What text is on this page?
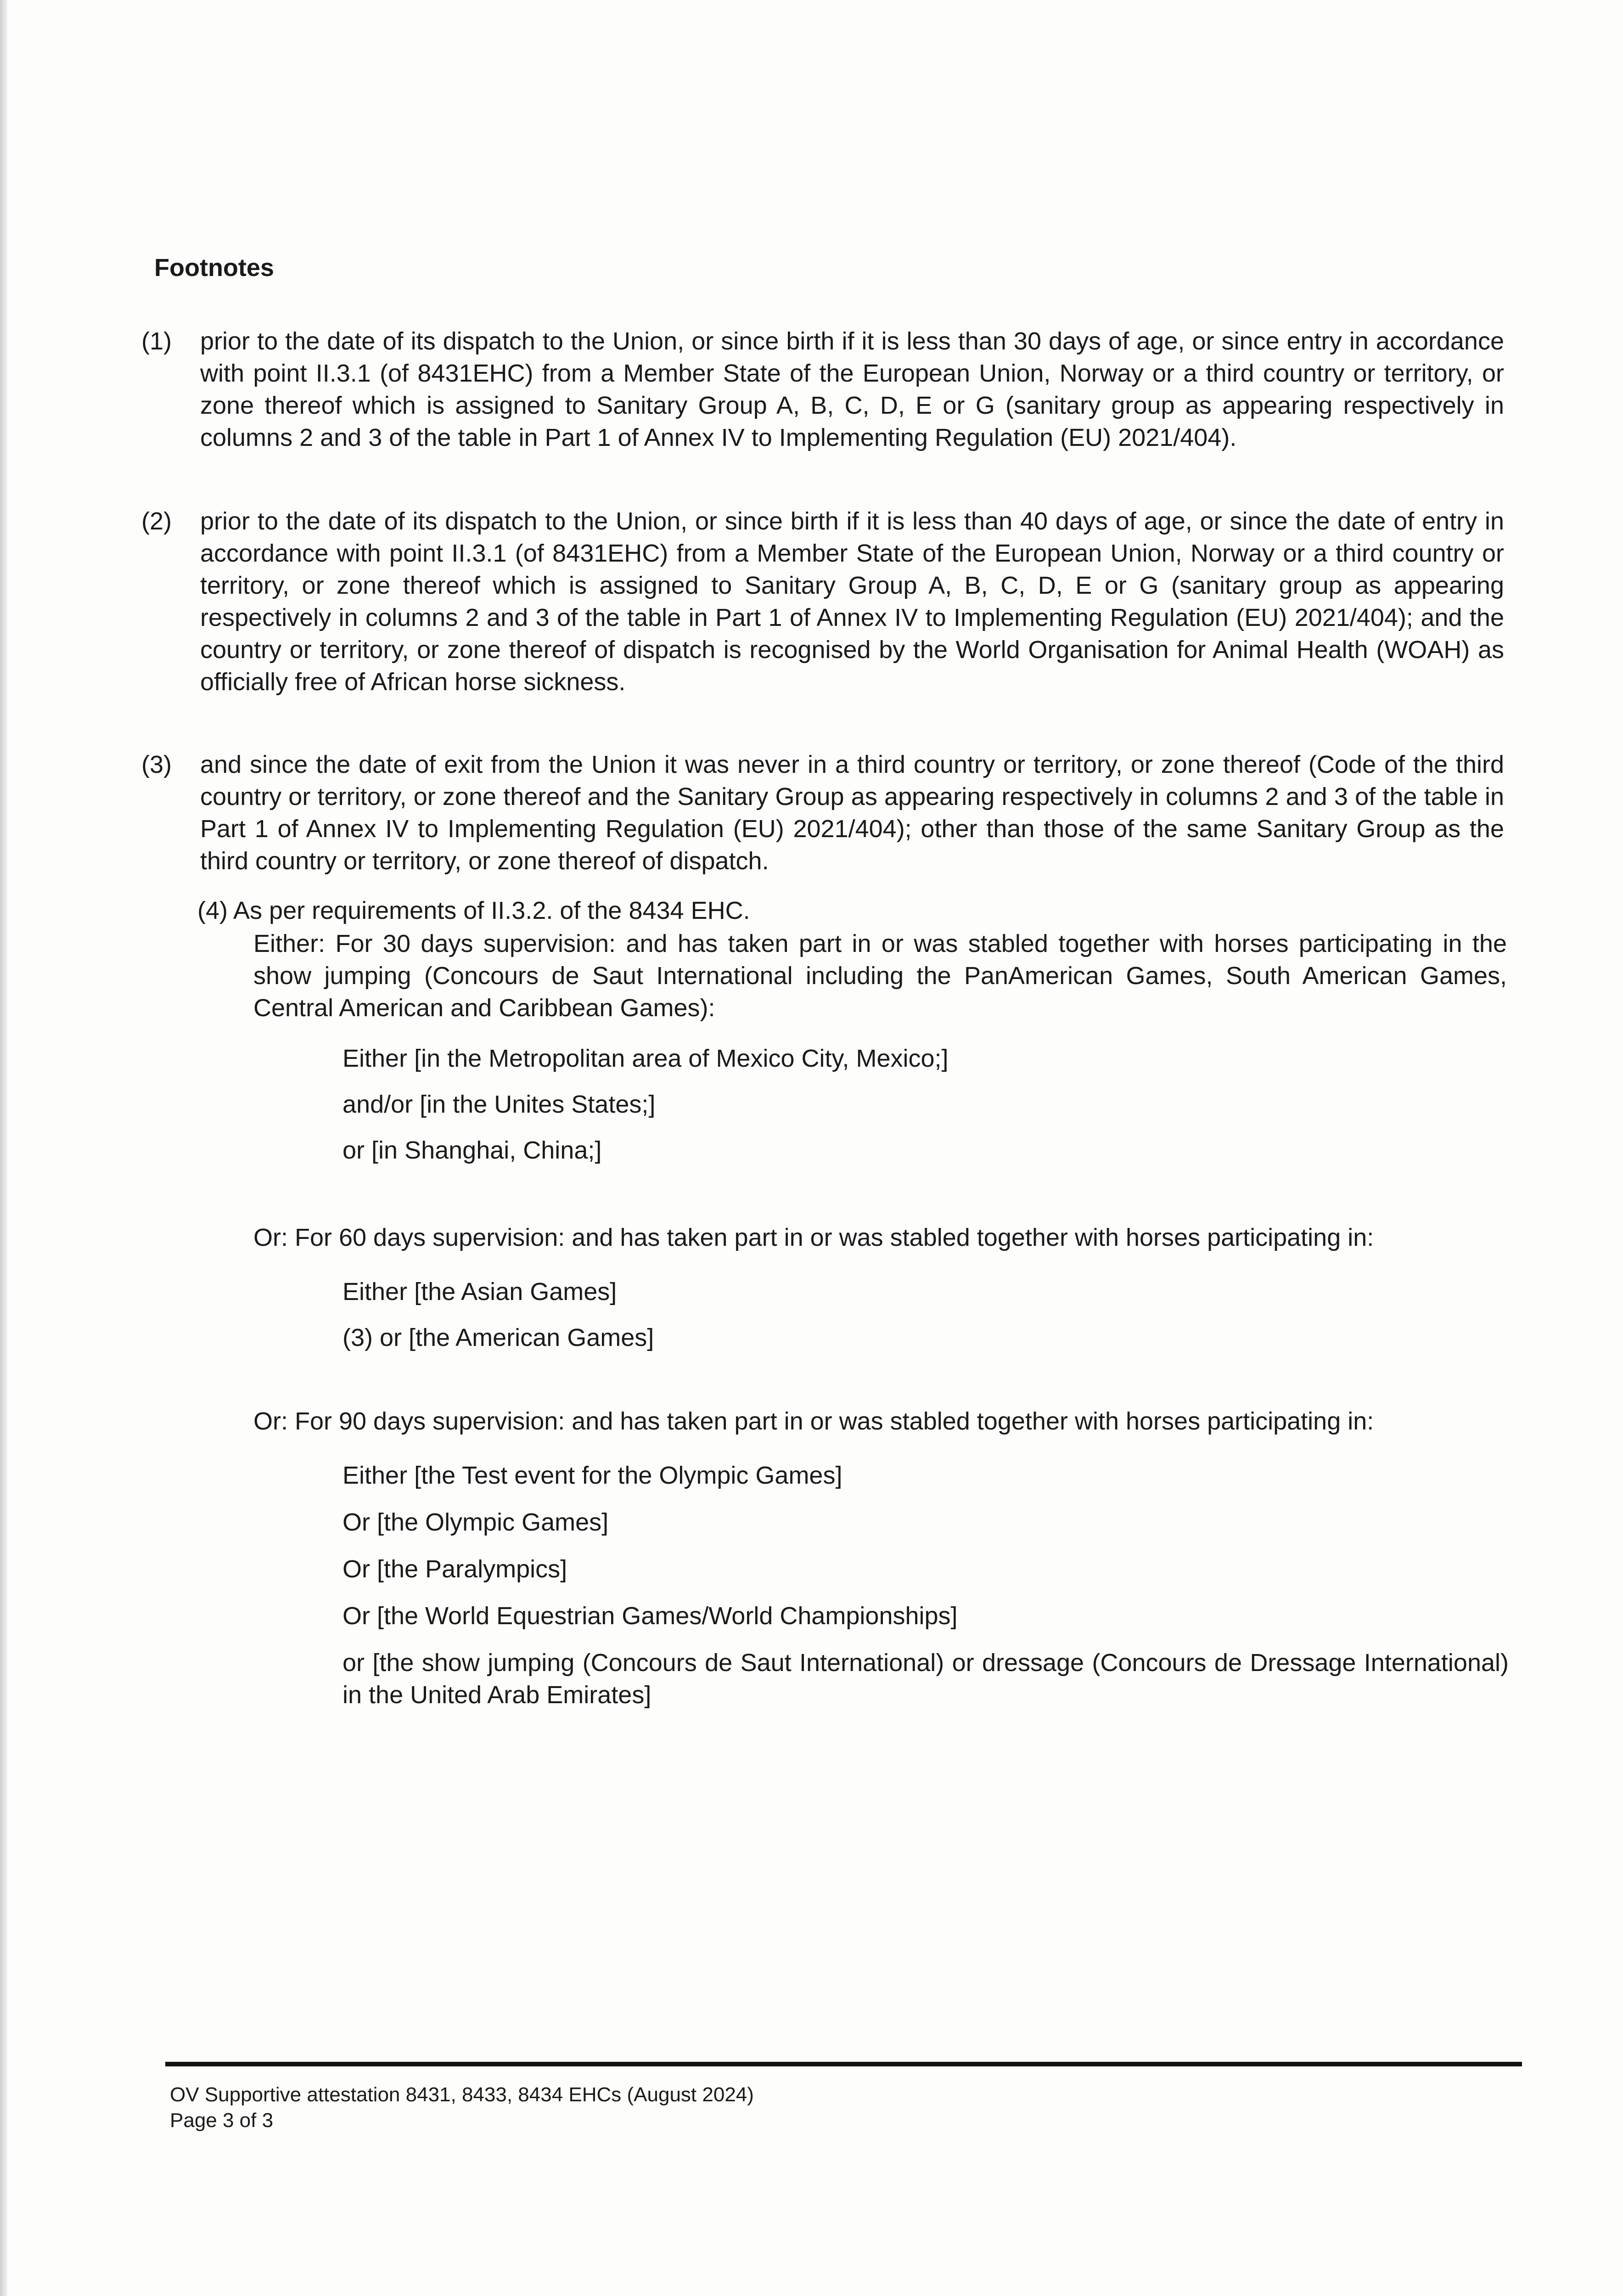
Footnotes

(1) prior to the date of its dispatch to the Union, or since birth if it is less than 30 days of age, or since entry in accordance with point II.3.1 (of 8431EHC) from a Member State of the European Union, Norway or a third country or territory, or zone thereof which is assigned to Sanitary Group A, B, C, D, E or G (sanitary group as appearing respectively in columns 2 and 3 of the table in Part 1 of Annex IV to Implementing Regulation (EU) 2021/404).
(2) prior to the date of its dispatch to the Union, or since birth if it is less than 40 days of age, or since the date of entry in accordance with point II.3.1 (of 8431EHC) from a Member State of the European Union, Norway or a third country or territory, or zone thereof which is assigned to Sanitary Group A, B, C, D, E or G (sanitary group as appearing respectively in columns 2 and 3 of the table in Part 1 of Annex IV to Implementing Regulation (EU) 2021/404); and the country or territory, or zone thereof of dispatch is recognised by the World Organisation for Animal Health (WOAH) as officially free of African horse sickness.
(3) and since the date of exit from the Union it was never in a third country or territory, or zone thereof (Code of the third country or territory, or zone thereof and the Sanitary Group as appearing respectively in columns 2 and 3 of the table in Part 1 of Annex IV to Implementing Regulation (EU) 2021/404); other than those of the same Sanitary Group as the third country or territory, or zone thereof of dispatch.

(4) As per requirements of II.3.2. of the 8434 EHC.

Either: For 30 days supervision: and has taken part in or was stabled together with horses participating in the show jumping (Concours de Saut International including the PanAmerican Games, South American Games, Central American and Caribbean Games):

Either [in the Metropolitan area of Mexico City, Mexico;]

and/or [in the Unites States;]

or [in Shanghai, China;]

Or: For 60 days supervision: and has taken part in or was stabled together with horses participating in:

Either [the Asian Games]

(3) or [the American Games]

Or: For 90 days supervision: and has taken part in or was stabled together with horses participating in:

Either [the Test event for the Olympic Games]

Or [the Olympic Games]

Or [the Paralympics]

Or [the World Equestrian Games/World Championships]

or [the show jumping (Concours de Saut International) or dressage (Concours de Dressage International) in the United Arab Emirates]

OV Supportive attestation 8431, 8433, 8434 EHCs (August 2024)

Page 3 of 3
